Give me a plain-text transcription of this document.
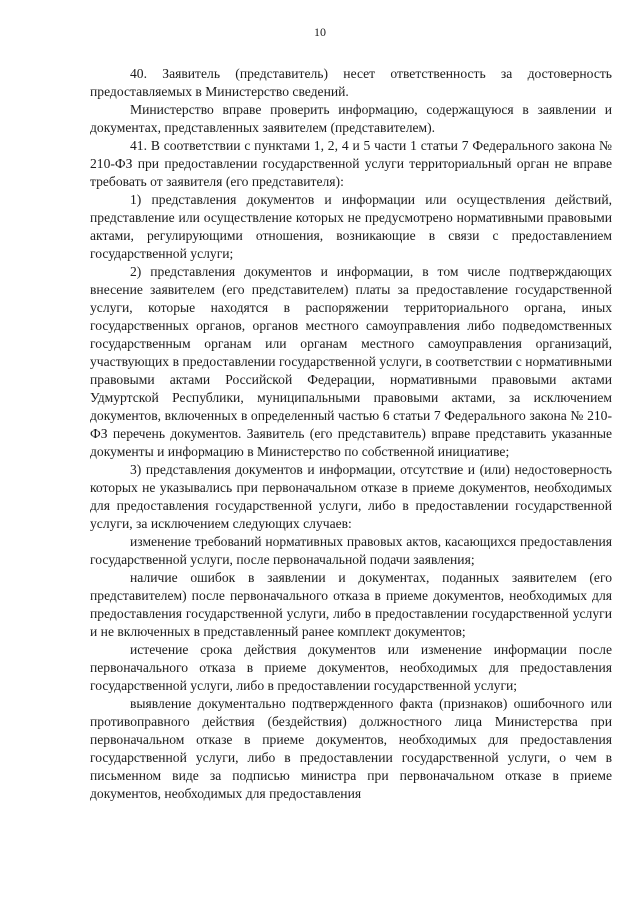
10

40. Заявитель (представитель) несет ответственность за достоверность предоставляемых в Министерство сведений.

Министерство вправе проверить информацию, содержащуюся в заявлении и документах, представленных заявителем (представителем).

41. В соответствии с пунктами 1, 2, 4 и 5 части 1 статьи 7 Федерального закона № 210-ФЗ при предоставлении государственной услуги территориальный орган не вправе требовать от заявителя (его представителя):

1) представления документов и информации или осуществления действий, представление или осуществление которых не предусмотрено нормативными правовыми актами, регулирующими отношения, возникающие в связи с предоставлением государственной услуги;

2) представления документов и информации, в том числе подтверждающих внесение заявителем (его представителем) платы за предоставление государственной услуги, которые находятся в распоряжении территориального органа, иных государственных органов, органов местного самоуправления либо подведомственных государственным органам или органам местного самоуправления организаций, участвующих в предоставлении государственной услуги, в соответствии с нормативными правовыми актами Российской Федерации, нормативными правовыми актами Удмуртской Республики, муниципальными правовыми актами, за исключением документов, включенных в определенный частью 6 статьи 7 Федерального закона № 210-ФЗ перечень документов. Заявитель (его представитель) вправе представить указанные документы и информацию в Министерство по собственной инициативе;

3) представления документов и информации, отсутствие и (или) недостоверность которых не указывались при первоначальном отказе в приеме документов, необходимых для предоставления государственной услуги, либо в предоставлении государственной услуги, за исключением следующих случаев:

изменение требований нормативных правовых актов, касающихся предоставления государственной услуги, после первоначальной подачи заявления;

наличие ошибок в заявлении и документах, поданных заявителем (его представителем) после первоначального отказа в приеме документов, необходимых для предоставления государственной услуги, либо в предоставлении государственной услуги и не включенных в представленный ранее комплект документов;

истечение срока действия документов или изменение информации после первоначального отказа в приеме документов, необходимых для предоставления государственной услуги, либо в предоставлении государственной услуги;

выявление документально подтвержденного факта (признаков) ошибочного или противоправного действия (бездействия) должностного лица Министерства при первоначальном отказе в приеме документов, необходимых для предоставления государственной услуги, либо в предоставлении государственной услуги, о чем в письменном виде за подписью министра при первоначальном отказе в приеме документов, необходимых для предоставления
